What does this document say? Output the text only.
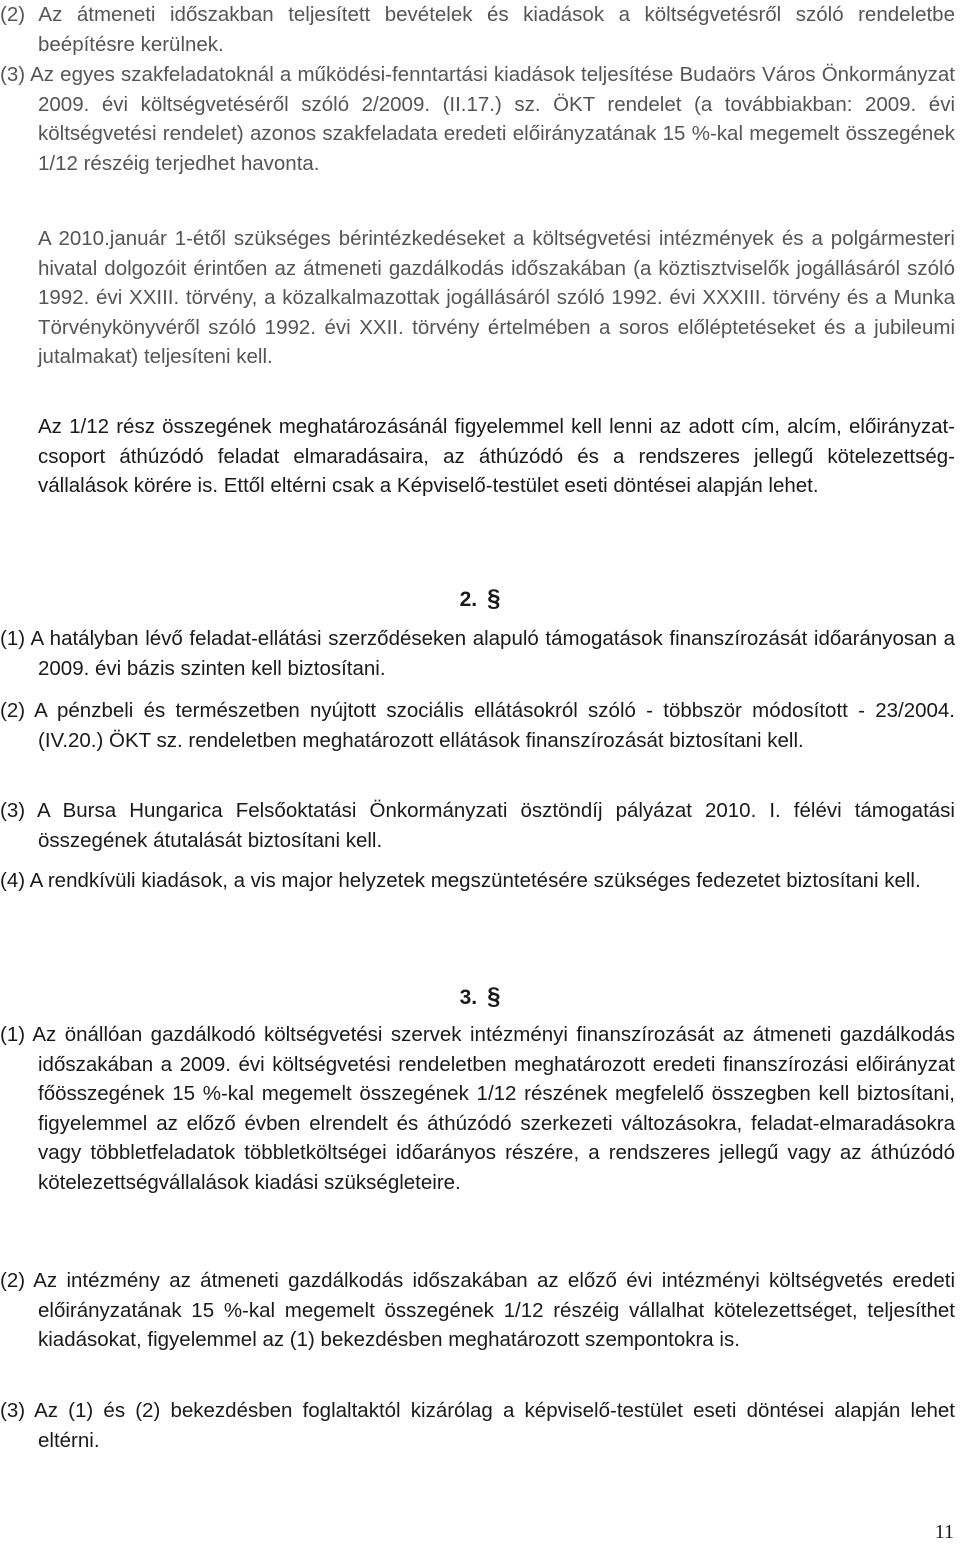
(2) Az átmeneti időszakban teljesített bevételek és kiadások a költségvetésről szóló rendeletbe beépítésre kerülnek.

(3) Az egyes szakfeladatoknál a működési-fenntartási kiadások teljesítése Budaörs Város Önkormányzat 2009. évi költségvetéséről szóló 2/2009. (II.17.) sz. ÖKT rendelet (a továbbiakban: 2009. évi költségvetési rendelet) azonos szakfeladata eredeti előirányzatának 15 %-kal megemelt összegének 1/12 részéig terjedhet havonta.

A 2010.január 1-étől szükséges bérintézkedéseket a költségvetési intézmények és a polgármesteri hivatal dolgozóit érintően az átmeneti gazdálkodás időszakában (a köztisztviselők jogállásáról szóló 1992. évi XXIII. törvény, a közalkalmazottak jogállásáról szóló 1992. évi XXXIII. törvény és a Munka Törvénykönyvéről szóló 1992. évi XXII. törvény értelmében a soros előléptetéseket és a jubileumi jutalmakat) teljesíteni kell.

Az 1/12 rész összegének meghatározásánál figyelemmel kell lenni az adott cím, alcím, előirányzat-csoport áthúzódó feladat elmaradásaira, az áthúzódó és a rendszeres jellegű kötelezettség-vállalások körére is. Ettől eltérni csak a Képviselő-testület eseti döntései alapján lehet.

2. §

(1) A hatályban lévő feladat-ellátási szerződéseken alapuló támogatások finanszírozását időarányosan a 2009. évi bázis szinten kell biztosítani.

(2) A pénzbeli és természetben nyújtott szociális ellátásokról szóló - többször módosított - 23/2004. (IV.20.) ÖKT sz. rendeletben meghatározott ellátások finanszírozását biztosítani kell.

(3) A Bursa Hungarica Felsőoktatási Önkormányzati ösztöndíj pályázat 2010. I. félévi támogatási összegének átutalását biztosítani kell.

(4) A rendkívüli kiadások, a vis major helyzetek megszüntetésére szükséges fedezetet biztosítani kell.

3. §

(1) Az önállóan gazdálkodó költségvetési szervek intézményi finanszírozását az átmeneti gazdálkodás időszakában a 2009. évi költségvetési rendeletben meghatározott eredeti finanszírozási előirányzat főösszegének 15 %-kal megemelt összegének 1/12 részének megfelelő összegben kell biztosítani, figyelemmel az előző évben elrendelt és áthúzódó szerkezeti változásokra, feladat-elmaradásokra vagy többletfeladatok többletköltségei időarányos részére, a rendszeres jellegű vagy az áthúzódó kötelezettségvállalások kiadási szükségleteire.

(2) Az intézmény az átmeneti gazdálkodás időszakában az előző évi intézményi költségvetés eredeti előirányzatának 15 %-kal megemelt összegének 1/12 részéig vállalhat kötelezettséget, teljesíthet kiadásokat, figyelemmel az (1) bekezdésben meghatározott szempontokra is.

(3) Az (1) és (2) bekezdésben foglaltaktól kizárólag a képviselő-testület eseti döntései alapján lehet eltérni.

11
